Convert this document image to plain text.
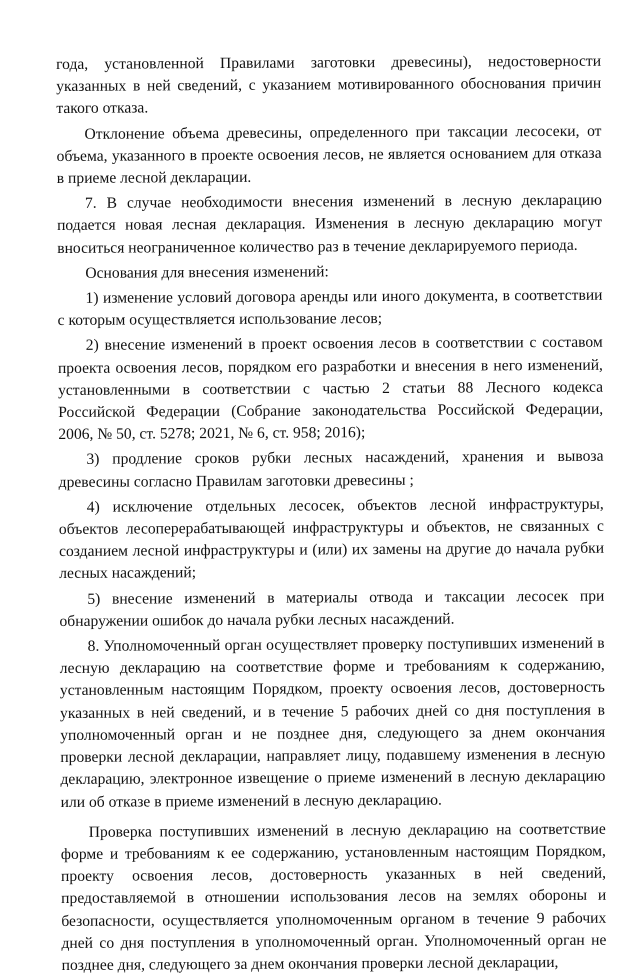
года, установленной Правилами заготовки древесины), недостоверности указанных в ней сведений, с указанием мотивированного обоснования причин такого отказа.

Отклонение объема древесины, определенного при таксации лесосеки, от объема, указанного в проекте освоения лесов, не является основанием для отказа в приеме лесной декларации.

7. В случае необходимости внесения изменений в лесную декларацию подается новая лесная декларация. Изменения в лесную декларацию могут вноситься неограниченное количество раз в течение декларируемого периода.

Основания для внесения изменений:

1) изменение условий договора аренды или иного документа, в соответствии с которым осуществляется использование лесов;

2) внесение изменений в проект освоения лесов в соответствии с составом проекта освоения лесов, порядком его разработки и внесения в него изменений, установленными в соответствии с частью 2 статьи 88 Лесного кодекса Российской Федерации (Собрание законодательства Российской Федерации, 2006, № 50, ст. 5278; 2021, № 6, ст. 958; 2016);

3) продление сроков рубки лесных насаждений, хранения и вывоза древесины согласно Правилам заготовки древесины ;

4) исключение отдельных лесосек, объектов лесной инфраструктуры, объектов лесоперерабатывающей инфраструктуры и объектов, не связанных с созданием лесной инфраструктуры и (или) их замены на другие до начала рубки лесных насаждений;

5) внесение изменений в материалы отвода и таксации лесосек при обнаружении ошибок до начала рубки лесных насаждений.

8. Уполномоченный орган осуществляет проверку поступивших изменений в лесную декларацию на соответствие форме и требованиям к содержанию, установленным настоящим Порядком, проекту освоения лесов, достоверность указанных в ней сведений, и в течение 5 рабочих дней со дня поступления в уполномоченный орган и не позднее дня, следующего за днем окончания проверки лесной декларации, направляет лицу, подавшему изменения в лесную декларацию, электронное извещение о приеме изменений в лесную декларацию или об отказе в приеме изменений в лесную декларацию.

Проверка поступивших изменений в лесную декларацию на соответствие форме и требованиям к ее содержанию, установленным настоящим Порядком, проекту освоения лесов, достоверность указанных в ней сведений, предоставляемой в отношении использования лесов на землях обороны и безопасности, осуществляется уполномоченным органом в течение 9 рабочих дней со дня поступления в уполномоченный орган. Уполномоченный орган не позднее дня, следующего за днем окончания проверки лесной декларации,
